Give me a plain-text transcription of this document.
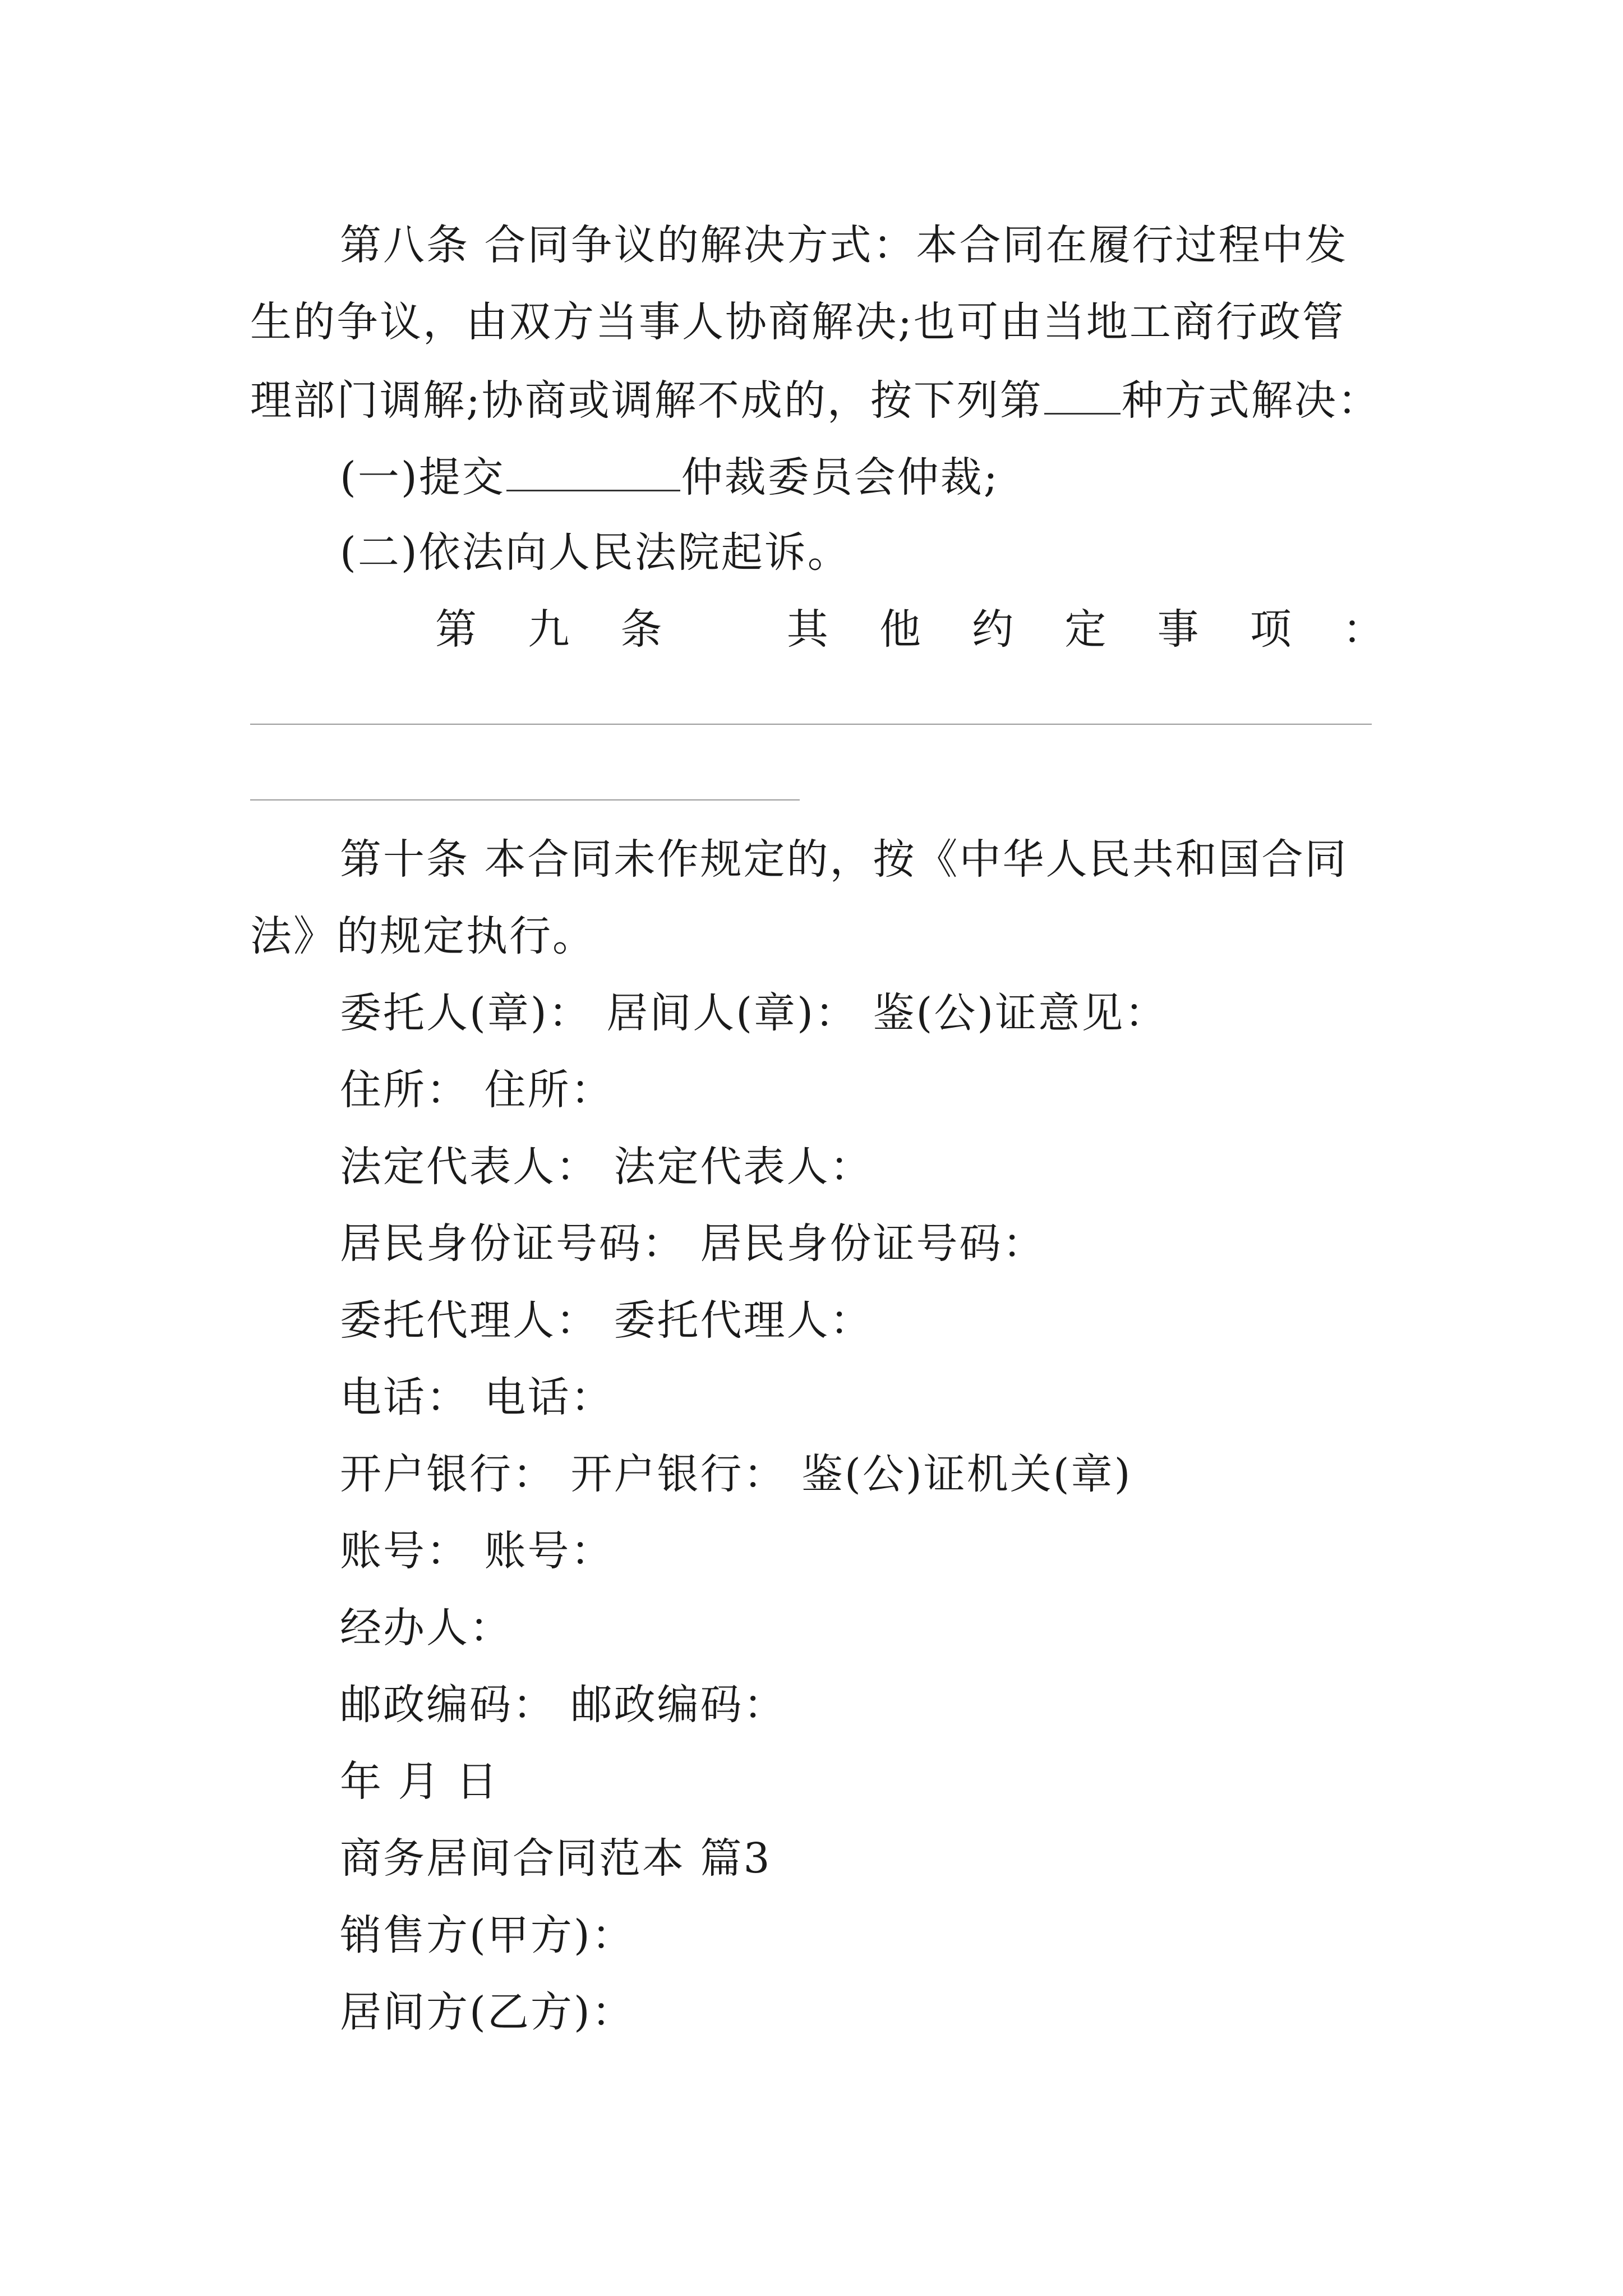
第八条 合同争议的解决方式：本合同在履行过程中发
生的争议，由双方当事人协商解决;也可由当地工商行政管
理部门调解;协商或调解不成的，按下列第 种方式解决：
(一)提交	仲裁委员会仲裁;
(二)依法向人民法院起诉。
第 九 条	其 他 约 定 事 项 ：
第十条 本合同未作规定的，按《中华人民共和国合同
法》的规定执行。
委托人(章)： 居间人(章)： 鉴(公)证意见：
住所： 住所：
法定代表人： 法定代表人：
居民身份证号码： 居民身份证号码：
委托代理人： 委托代理人：
电话： 电话：
开户银行： 开户银行： 鉴(公)证机关(章)
账号： 账号：
经办人：
邮政编码： 邮政编码：
年 月 日
商务居间合同范本 篇3
销售方(甲方)：
居间方(乙方)：
